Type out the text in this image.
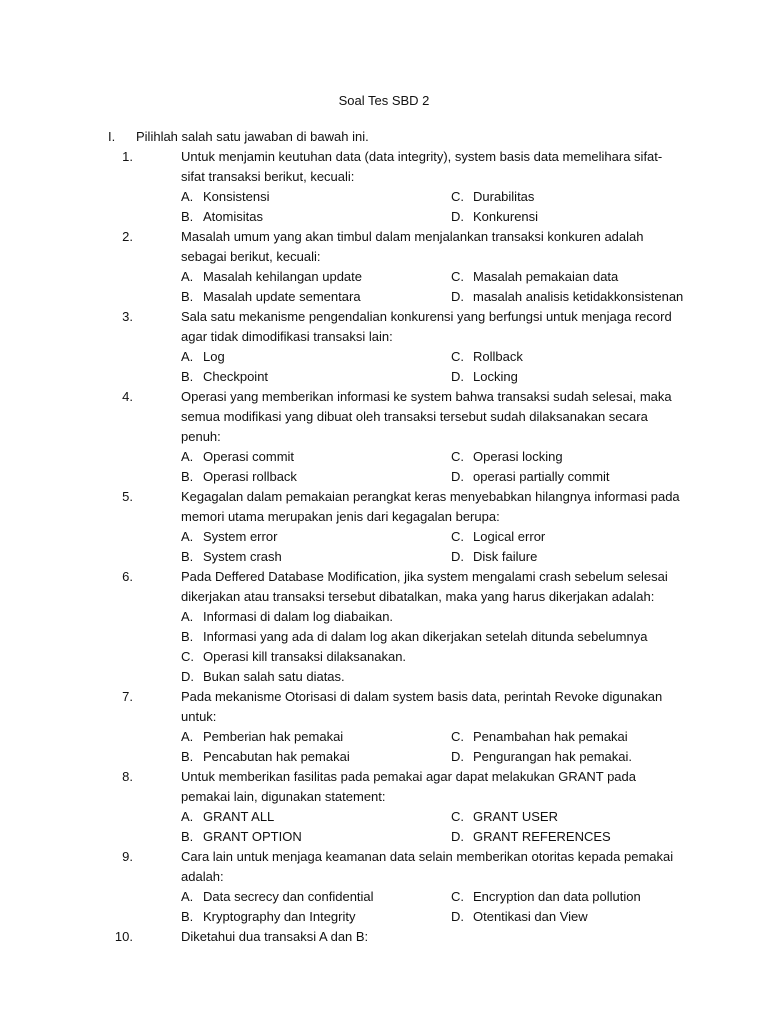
Soal Tes SBD 2
I. Pilihlah salah satu jawaban di bawah ini.
1.	Untuk menjamin keutuhan data (data integrity), system basis data memelihara sifat-sifat transaksi berikut, kecuali:
A. Konsistensi	C. Durabilitas
B. Atomisitas	D. Konkurensi
2.	Masalah umum yang akan timbul dalam menjalankan transaksi konkuren adalah sebagai berikut, kecuali:
A. Masalah kehilangan update	C. Masalah pemakaian data
B. Masalah update sementara	D. masalah analisis ketidakkonsistenan
3.	Sala satu mekanisme pengendalian konkurensi yang berfungsi untuk menjaga record agar tidak dimodifikasi transaksi lain:
A. Log	C. Rollback
B. Checkpoint	D. Locking
4.	Operasi yang memberikan informasi ke system bahwa transaksi sudah selesai, maka semua modifikasi yang dibuat oleh transaksi tersebut sudah dilaksanakan secara penuh:
A. Operasi commit	C. Operasi locking
B. Operasi rollback	D. operasi partially commit
5.	Kegagalan dalam pemakaian perangkat keras menyebabkan hilangnya informasi pada memori utama merupakan jenis dari kegagalan berupa:
A. System error	C. Logical error
B. System crash	D. Disk failure
6.	Pada Deffered Database Modification, jika system mengalami crash sebelum selesai dikerjakan atau transaksi tersebut dibatalkan, maka yang harus dikerjakan adalah:
A. Informasi di dalam log diabaikan.
B. Informasi yang ada di dalam log akan dikerjakan setelah ditunda sebelumnya
C. Operasi kill transaksi dilaksanakan.
D. Bukan salah satu diatas.
7.	Pada mekanisme Otorisasi di dalam system basis data, perintah Revoke digunakan untuk:
A. Pemberian hak pemakai	C. Penambahan hak pemakai
B. Pencabutan hak pemakai	D. Pengurangan hak pemakai.
8.	Untuk memberikan fasilitas pada pemakai agar dapat melakukan GRANT pada pemakai lain, digunakan statement:
A. GRANT ALL	C. GRANT USER
B. GRANT OPTION	D. GRANT REFERENCES
9.	Cara lain untuk menjaga keamanan data selain memberikan otoritas kepada pemakai adalah:
A. Data secrecy dan confidential	C. Encryption dan data pollution
B. Kryptography dan Integrity	D. Otentikasi dan View
10.	Diketahui dua transaksi A dan B:
